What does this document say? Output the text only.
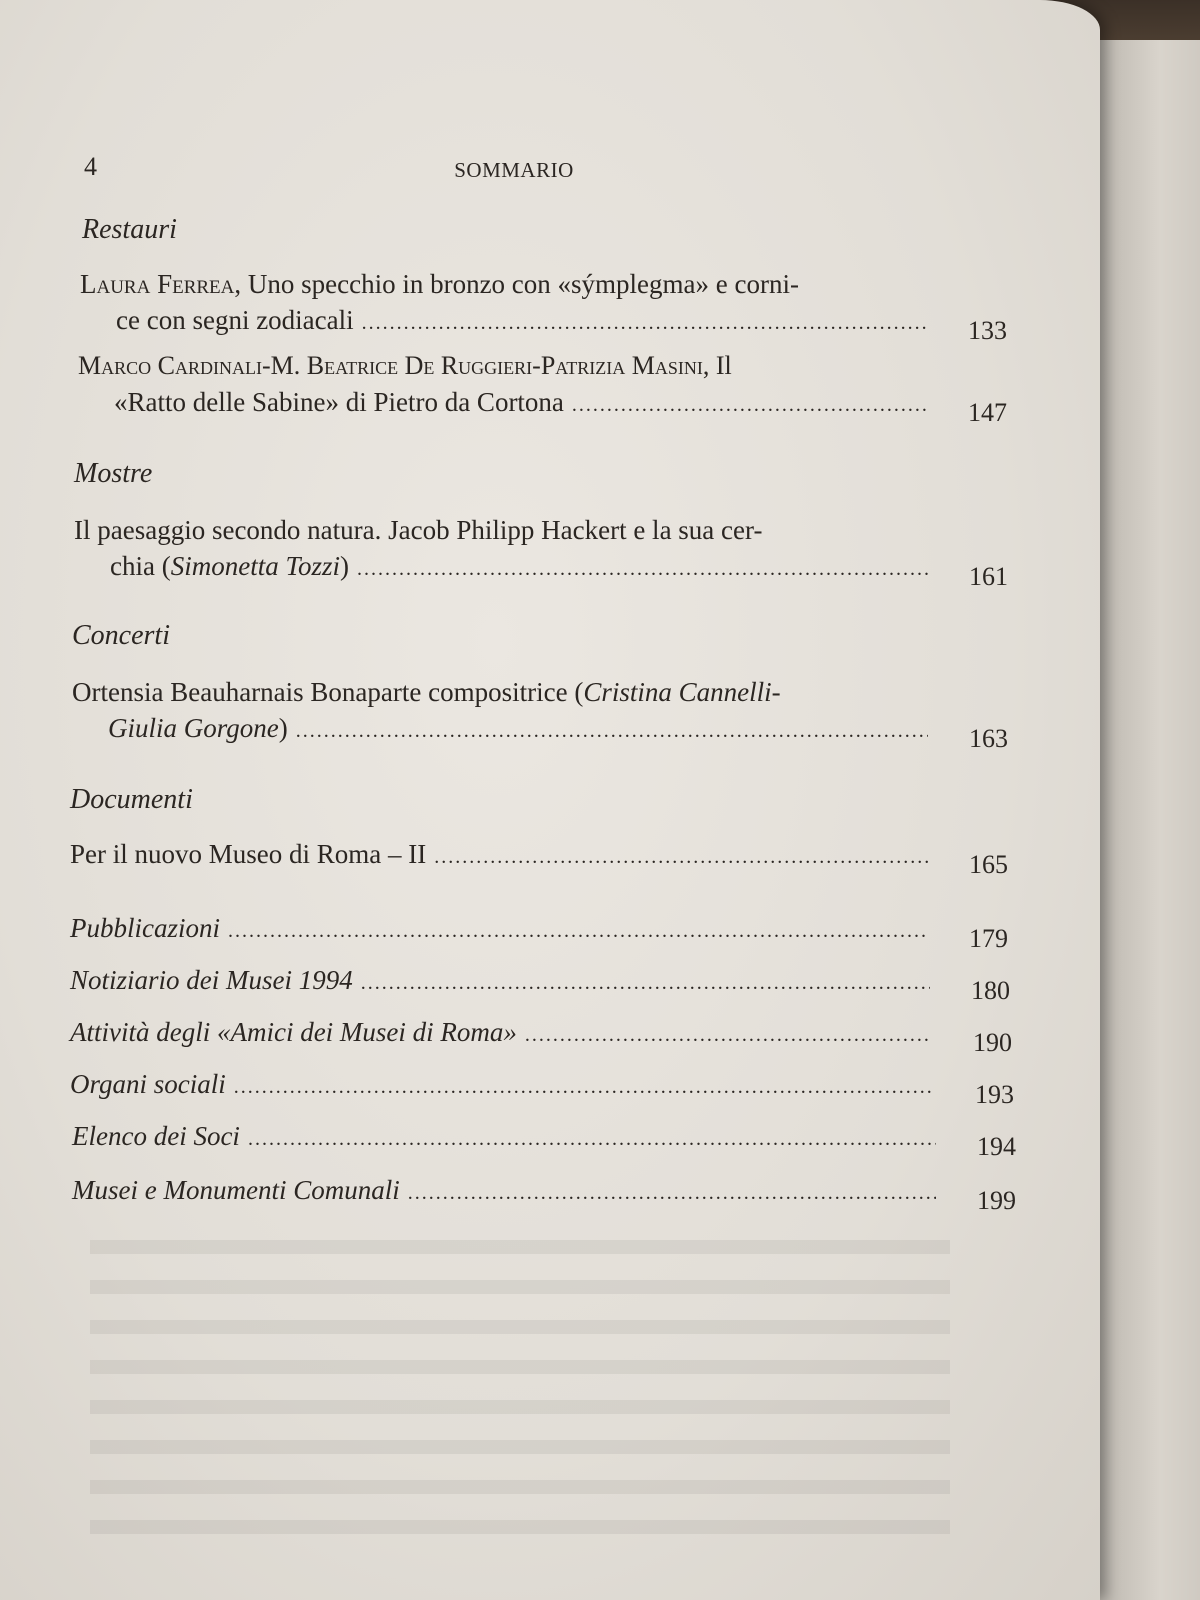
4	SOMMARIO
Restauri
Laura Ferrea, Uno specchio in bronzo con «sýmplegma» e corni-
ce con segni zodiacali .....	133
Marco Cardinali-M. Beatrice De Ruggieri-Patrizia Masini, Il
«Ratto delle Sabine» di Pietro da Cortona .....	147
Mostre
Il paesaggio secondo natura. Jacob Philipp Hackert e la sua cer-
chia (Simonetta Tozzi) .....	161
Concerti
Ortensia Beauharnais Bonaparte compositrice (Cristina Cannelli-
Giulia Gorgone) .....	163
Documenti
Per il nuovo Museo di Roma – II .....	165
Pubblicazioni .....	179
Notiziario dei Musei 1994 .....	180
Attività degli «Amici dei Musei di Roma» .....	190
Organi sociali .....	193
Elenco dei Soci .....	194
Musei e Monumenti Comunali .....	199
